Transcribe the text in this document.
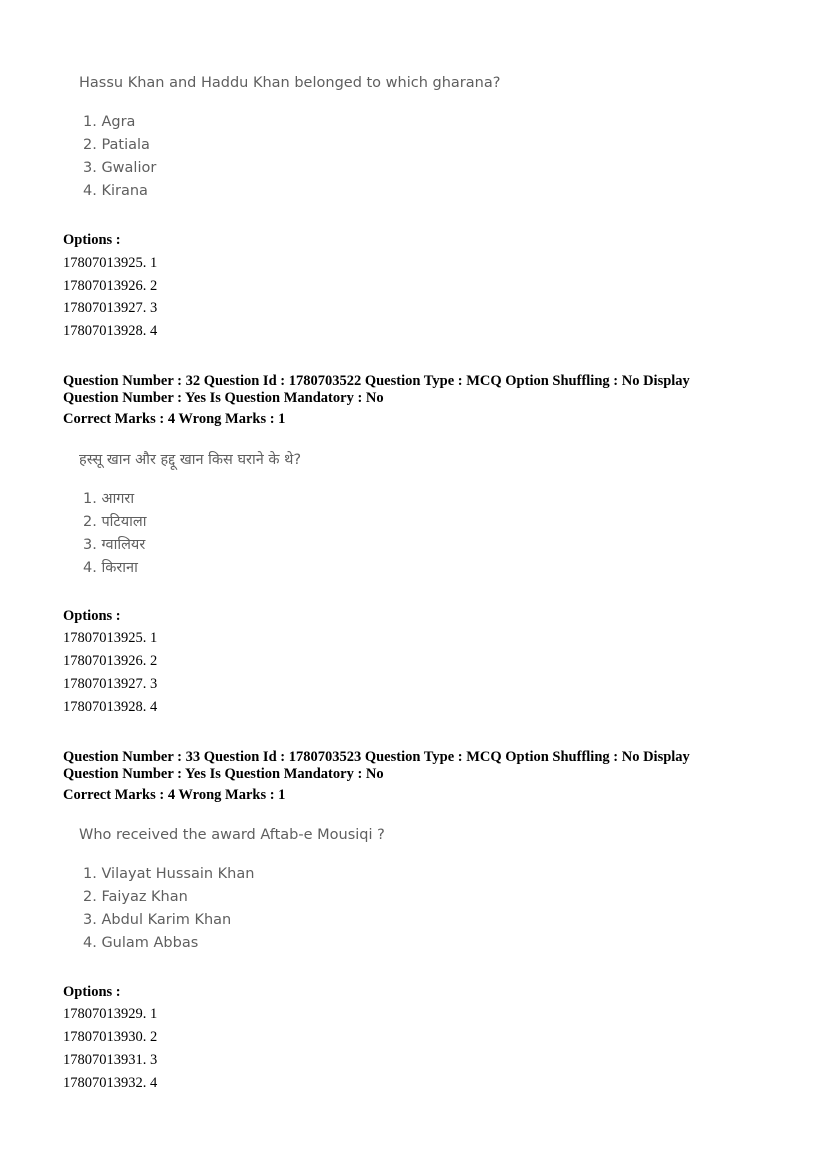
Hassu Khan and Haddu Khan belonged to which gharana?
1. Agra
2. Patiala
3. Gwalior
4. Kirana
Options :
17807013925. 1
17807013926. 2
17807013927. 3
17807013928. 4
Question Number : 32 Question Id : 1780703522 Question Type : MCQ Option Shuffling : No Display
Question Number : Yes Is Question Mandatory : No
Correct Marks : 4 Wrong Marks : 1
हस्सू खान और हद्दू खान किस घराने के थे?
1. आगरा
2. पटियाला
3. ग्वालियर
4. किराना
Options :
17807013925. 1
17807013926. 2
17807013927. 3
17807013928. 4
Question Number : 33 Question Id : 1780703523 Question Type : MCQ Option Shuffling : No Display
Question Number : Yes Is Question Mandatory : No
Correct Marks : 4 Wrong Marks : 1
Who received the award Aftab-e Mousiqi ?
1. Vilayat Hussain Khan
2. Faiyaz Khan
3. Abdul Karim Khan
4. Gulam Abbas
Options :
17807013929. 1
17807013930. 2
17807013931. 3
17807013932. 4
